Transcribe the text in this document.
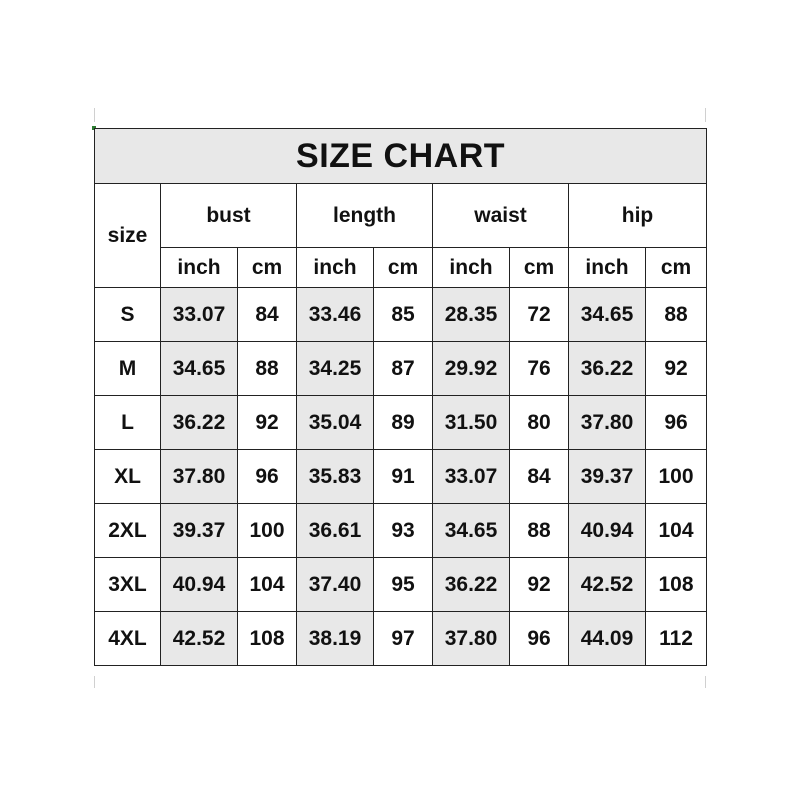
SIZE CHART								
size	bust		length		waist		hip	
	inch	cm	inch	cm	inch	cm	inch	cm
S	33.07	84	33.46	85	28.35	72	34.65	88
M	34.65	88	34.25	87	29.92	76	36.22	92
L	36.22	92	35.04	89	31.50	80	37.80	96
XL	37.80	96	35.83	91	33.07	84	39.37	100
2XL	39.37	100	36.61	93	34.65	88	40.94	104
3XL	40.94	104	37.40	95	36.22	92	42.52	108
4XL	42.52	108	38.19	97	37.80	96	44.09	112
